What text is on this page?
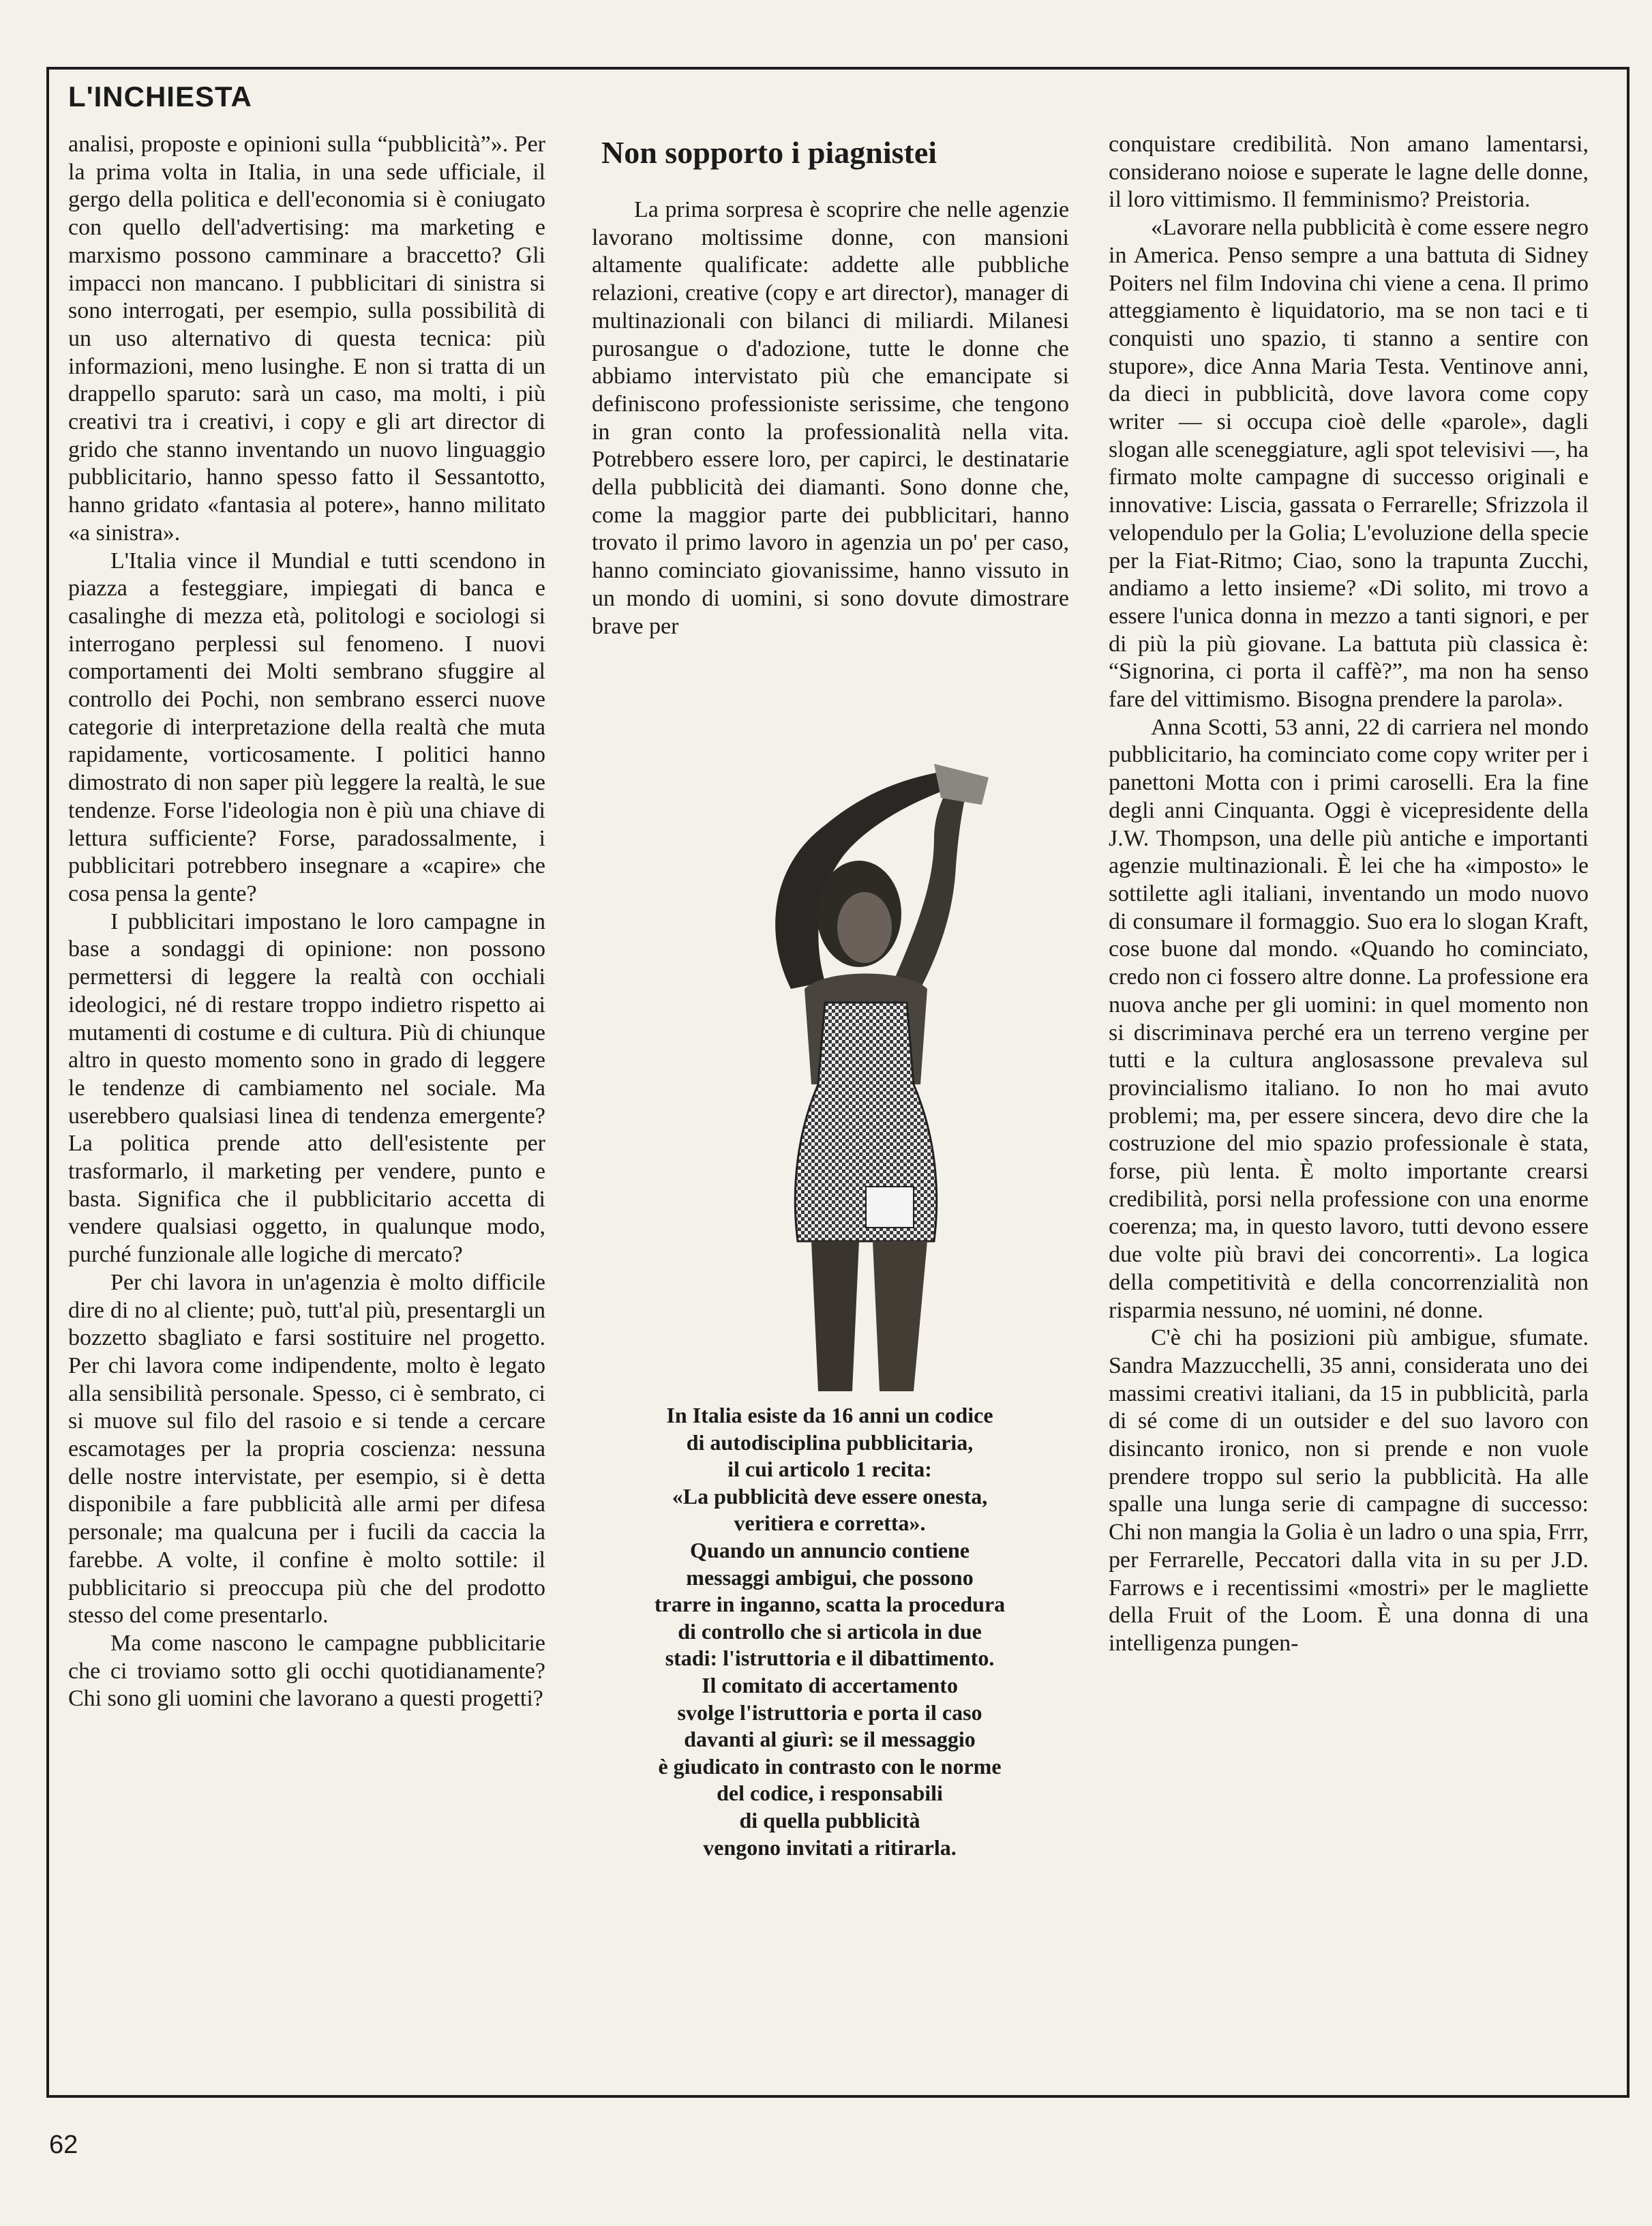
L'INCHIESTA

analisi, proposte e opinioni sulla “pubblicità”». Per la prima volta in Italia, in una sede ufficiale, il gergo della politica e dell'economia si è coniugato con quello dell'advertising: ma marketing e marxismo possono camminare a braccetto? Gli impacci non mancano. I pubblicitari di sinistra si sono interrogati, per esempio, sulla possibilità di un uso alternativo di questa tecnica: più informazioni, meno lusinghe. E non si tratta di un drappello sparuto: sarà un caso, ma molti, i più creativi tra i creativi, i copy e gli art director di grido che stanno inventando un nuovo linguaggio pubblicitario, hanno spesso fatto il Sessantotto, hanno gridato «fantasia al potere», hanno militato «a sinistra».

L'Italia vince il Mundial e tutti scendono in piazza a festeggiare, impiegati di banca e casalinghe di mezza età, politologi e sociologi si interrogano perplessi sul fenomeno. I nuovi comportamenti dei Molti sembrano sfuggire al controllo dei Pochi, non sembrano esserci nuove categorie di interpretazione della realtà che muta rapidamente, vorticosamente. I politici hanno dimostrato di non saper più leggere la realtà, le sue tendenze. Forse l'ideologia non è più una chiave di lettura sufficiente? Forse, paradossalmente, i pubblicitari potrebbero insegnare a «capire» che cosa pensa la gente?

I pubblicitari impostano le loro campagne in base a sondaggi di opinione: non possono permettersi di leggere la realtà con occhiali ideologici, né di restare troppo indietro rispetto ai mutamenti di costume e di cultura. Più di chiunque altro in questo momento sono in grado di leggere le tendenze di cambiamento nel sociale. Ma userebbero qualsiasi linea di tendenza emergente? La politica prende atto dell'esistente per trasformarlo, il marketing per vendere, punto e basta. Significa che il pubblicitario accetta di vendere qualsiasi oggetto, in qualunque modo, purché funzionale alle logiche di mercato?

Per chi lavora in un'agenzia è molto difficile dire di no al cliente; può, tutt'al più, presentargli un bozzetto sbagliato e farsi sostituire nel progetto. Per chi lavora come indipendente, molto è legato alla sensibilità personale. Spesso, ci è sembrato, ci si muove sul filo del rasoio e si tende a cercare escamotages per la propria coscienza: nessuna delle nostre intervistate, per esempio, si è detta disponibile a fare pubblicità alle armi per difesa personale; ma qualcuna per i fucili da caccia la farebbe. A volte, il confine è molto sottile: il pubblicitario si preoccupa più che del prodotto stesso del come presentarlo.

Ma come nascono le campagne pubblicitarie che ci troviamo sotto gli occhi quotidianamente? Chi sono gli uomini che lavorano a questi progetti?

Non sopporto i piagnistei

La prima sorpresa è scoprire che nelle agenzie lavorano moltissime donne, con mansioni altamente qualificate: addette alle pubbliche relazioni, creative (copy e art director), manager di multinazionali con bilanci di miliardi. Milanesi purosangue o d'adozione, tutte le donne che abbiamo intervistato più che emancipate si definiscono professioniste serissime, che tengono in gran conto la professionalità nella vita. Potrebbero essere loro, per capirci, le destinatarie della pubblicità dei diamanti. Sono donne che, come la maggior parte dei pubblicitari, hanno trovato il primo lavoro in agenzia un po' per caso, hanno cominciato giovanissime, hanno vissuto in un mondo di uomini, si sono dovute dimostrare brave per

In Italia esiste da 16 anni un codice
di autodisciplina pubblicitaria,
il cui articolo 1 recita:
«La pubblicità deve essere onesta,
veritiera e corretta».
Quando un annuncio contiene
messaggi ambigui, che possono
trarre in inganno, scatta la procedura
di controllo che si articola in due
stadi: l'istruttoria e il dibattimento.
Il comitato di accertamento
svolge l'istruttoria e porta il caso
davanti al giurì: se il messaggio
è giudicato in contrasto con le norme
del codice, i responsabili
di quella pubblicità
vengono invitati a ritirarla.

conquistare credibilità. Non amano lamentarsi, considerano noiose e superate le lagne delle donne, il loro vittimismo. Il femminismo? Preistoria.

«Lavorare nella pubblicità è come essere negro in America. Penso sempre a una battuta di Sidney Poiters nel film Indovina chi viene a cena. Il primo atteggiamento è liquidatorio, ma se non taci e ti conquisti uno spazio, ti stanno a sentire con stupore», dice Anna Maria Testa. Ventinove anni, da dieci in pubblicità, dove lavora come copy writer — si occupa cioè delle «parole», dagli slogan alle sceneggiature, agli spot televisivi —, ha firmato molte campagne di successo originali e innovative: Liscia, gassata o Ferrarelle; Sfrizzola il velopendulo per la Golia; L'evoluzione della specie per la Fiat-Ritmo; Ciao, sono la trapunta Zucchi, andiamo a letto insieme? «Di solito, mi trovo a essere l'unica donna in mezzo a tanti signori, e per di più la più giovane. La battuta più classica è: “Signorina, ci porta il caffè?”, ma non ha senso fare del vittimismo. Bisogna prendere la parola».

Anna Scotti, 53 anni, 22 di carriera nel mondo pubblicitario, ha cominciato come copy writer per i panettoni Motta con i primi caroselli. Era la fine degli anni Cinquanta. Oggi è vicepresidente della J.W. Thompson, una delle più antiche e importanti agenzie multinazionali. È lei che ha «imposto» le sottilette agli italiani, inventando un modo nuovo di consumare il formaggio. Suo era lo slogan Kraft, cose buone dal mondo. «Quando ho cominciato, credo non ci fossero altre donne. La professione era nuova anche per gli uomini: in quel momento non si discriminava perché era un terreno vergine per tutti e la cultura anglosassone prevaleva sul provincialismo italiano. Io non ho mai avuto problemi; ma, per essere sincera, devo dire che la costruzione del mio spazio professionale è stata, forse, più lenta. È molto importante crearsi credibilità, porsi nella professione con una enorme coerenza; ma, in questo lavoro, tutti devono essere due volte più bravi dei concorrenti». La logica della competitività e della concorrenzialità non risparmia nessuno, né uomini, né donne.

C'è chi ha posizioni più ambigue, sfumate. Sandra Mazzucchelli, 35 anni, considerata uno dei massimi creativi italiani, da 15 in pubblicità, parla di sé come di un outsider e del suo lavoro con disincanto ironico, non si prende e non vuole prendere troppo sul serio la pubblicità. Ha alle spalle una lunga serie di campagne di successo: Chi non mangia la Golia è un ladro o una spia, Frrr, per Ferrarelle, Peccatori dalla vita in su per J.D. Farrows e i recentissimi «mostri» per le magliette della Fruit of the Loom. È una donna di una intelligenza pungen-

62
